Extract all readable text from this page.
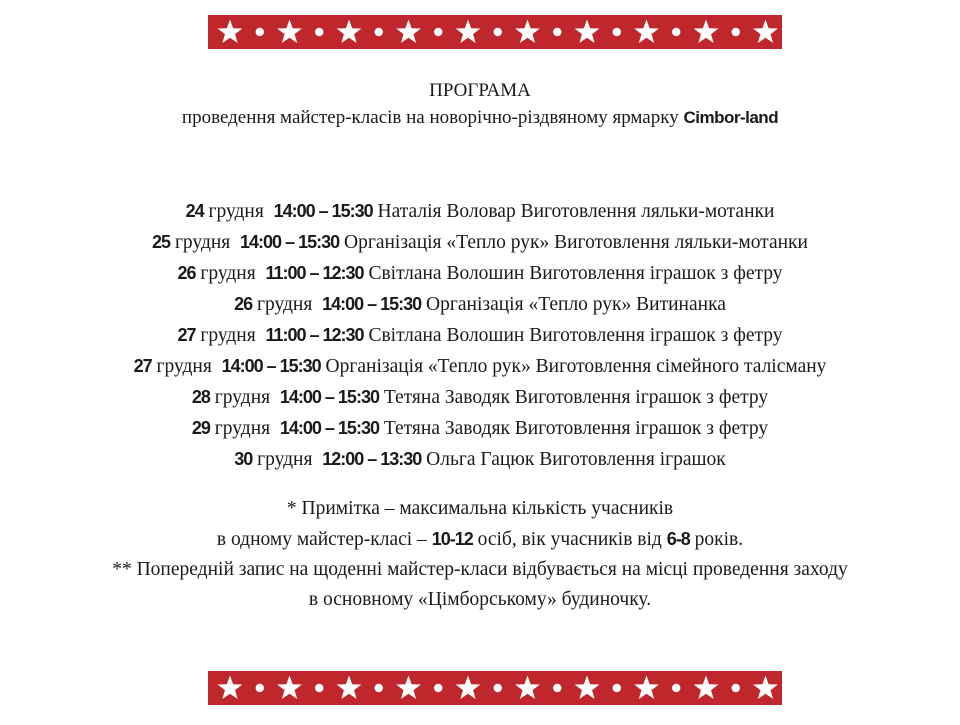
ПРОГРАМА
проведення майстер-класів на новорічно-різдвяному ярмарку Cimbor-land
24 грудня 14:00 – 15:30 Наталія Воловар Виготовлення ляльки-мотанки
25 грудня 14:00 – 15:30 Організація «Тепло рук» Виготовлення ляльки-мотанки
26 грудня 11:00 – 12:30 Світлана Волошин Виготовлення іграшок з фетру
26 грудня 14:00 – 15:30 Організація «Тепло рук» Витинанка
27 грудня 11:00 – 12:30 Світлана Волошин Виготовлення іграшок з фетру
27 грудня 14:00 – 15:30 Організація «Тепло рук» Виготовлення сімейного талісману
28 грудня 14:00 – 15:30 Тетяна Заводяк Виготовлення іграшок з фетру
29 грудня 14:00 – 15:30 Тетяна Заводяк Виготовлення іграшок з фетру
30 грудня 12:00 – 13:30 Ольга Гацюк Виготовлення іграшок
* Примітка – максимальна кількість учасників
в одному майстер-класі – 10-12 осіб, вік учасників від 6-8 років.
** Попередній запис на щоденні майстер-класи відбувається на місці проведення заходу
в основному «Цімборському» будиночку.
